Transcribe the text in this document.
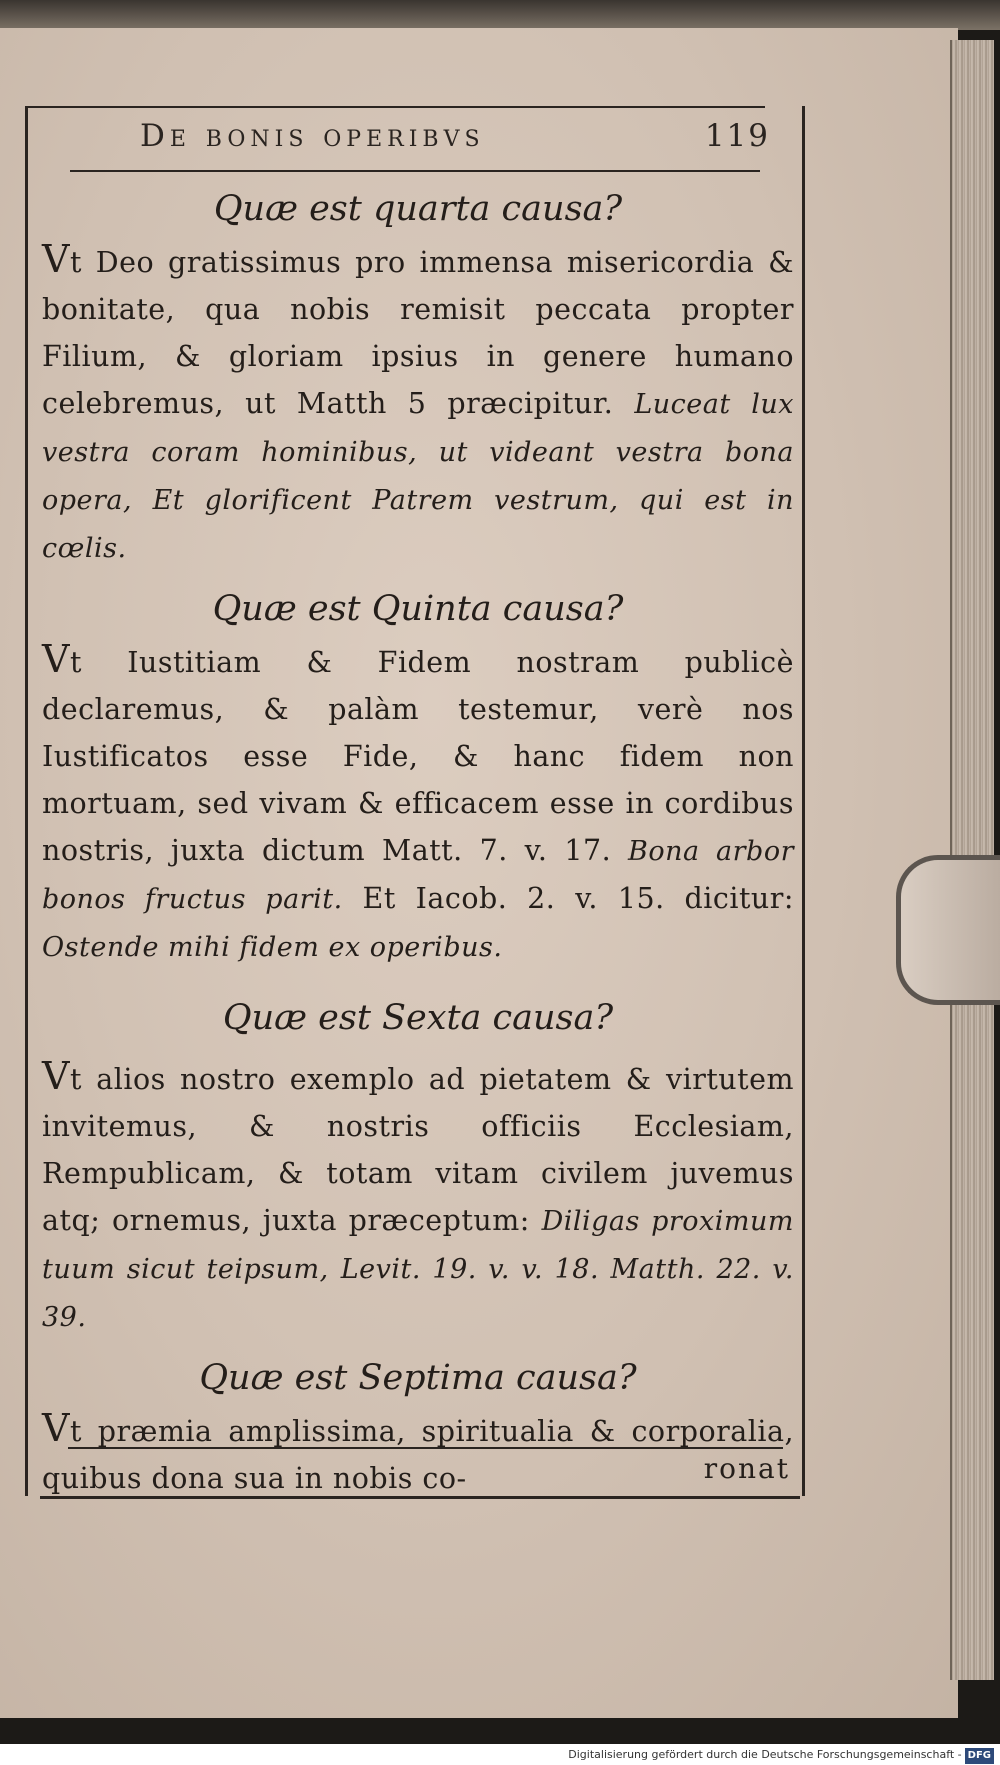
De bonis operibvs	119

Quæ est quarta causa?

Vt Deo gratissimus pro immensa misericordia & bonitate, qua nobis remisit peccata propter Filium, & gloriam ipsius in genere humano celebremus, ut Matth 5 præcipitur. Luceat lux vestra coram hominibus, ut videant vestra bona opera, Et glorificent Patrem vestrum, qui est in cœlis.

Quæ est Quinta causa?

Vt Iustitiam & Fidem nostram publicè declaremus, & palàm testemur, verè nos Iustificatos esse Fide, & hanc fidem non mortuam, sed vivam & efficacem esse in cordibus nostris, juxta dictum Matt. 7. v. 17. Bona arbor bonos fructus parit. Et Iacob. 2. v. 15. dicitur: Ostende mihi fidem ex operibus.

Quæ est Sexta causa?

Vt alios nostro exemplo ad pietatem & virtutem invitemus, & nostris officiis Ecclesiam, Rempublicam, & totam vitam civilem juvemus atq; ornemus, juxta præceptum: Diligas proximum tuum sicut teipsum, Levit. 19. v. v. 18. Matth. 22. v. 39.

Quæ est Septima causa?

Vt præmia amplissima, spiritualia & corporalia, quibus dona sua in nobis co-	ronat
Digitalisierung gefördert durch die Deutsche Forschungsgemeinschaft - DFG
